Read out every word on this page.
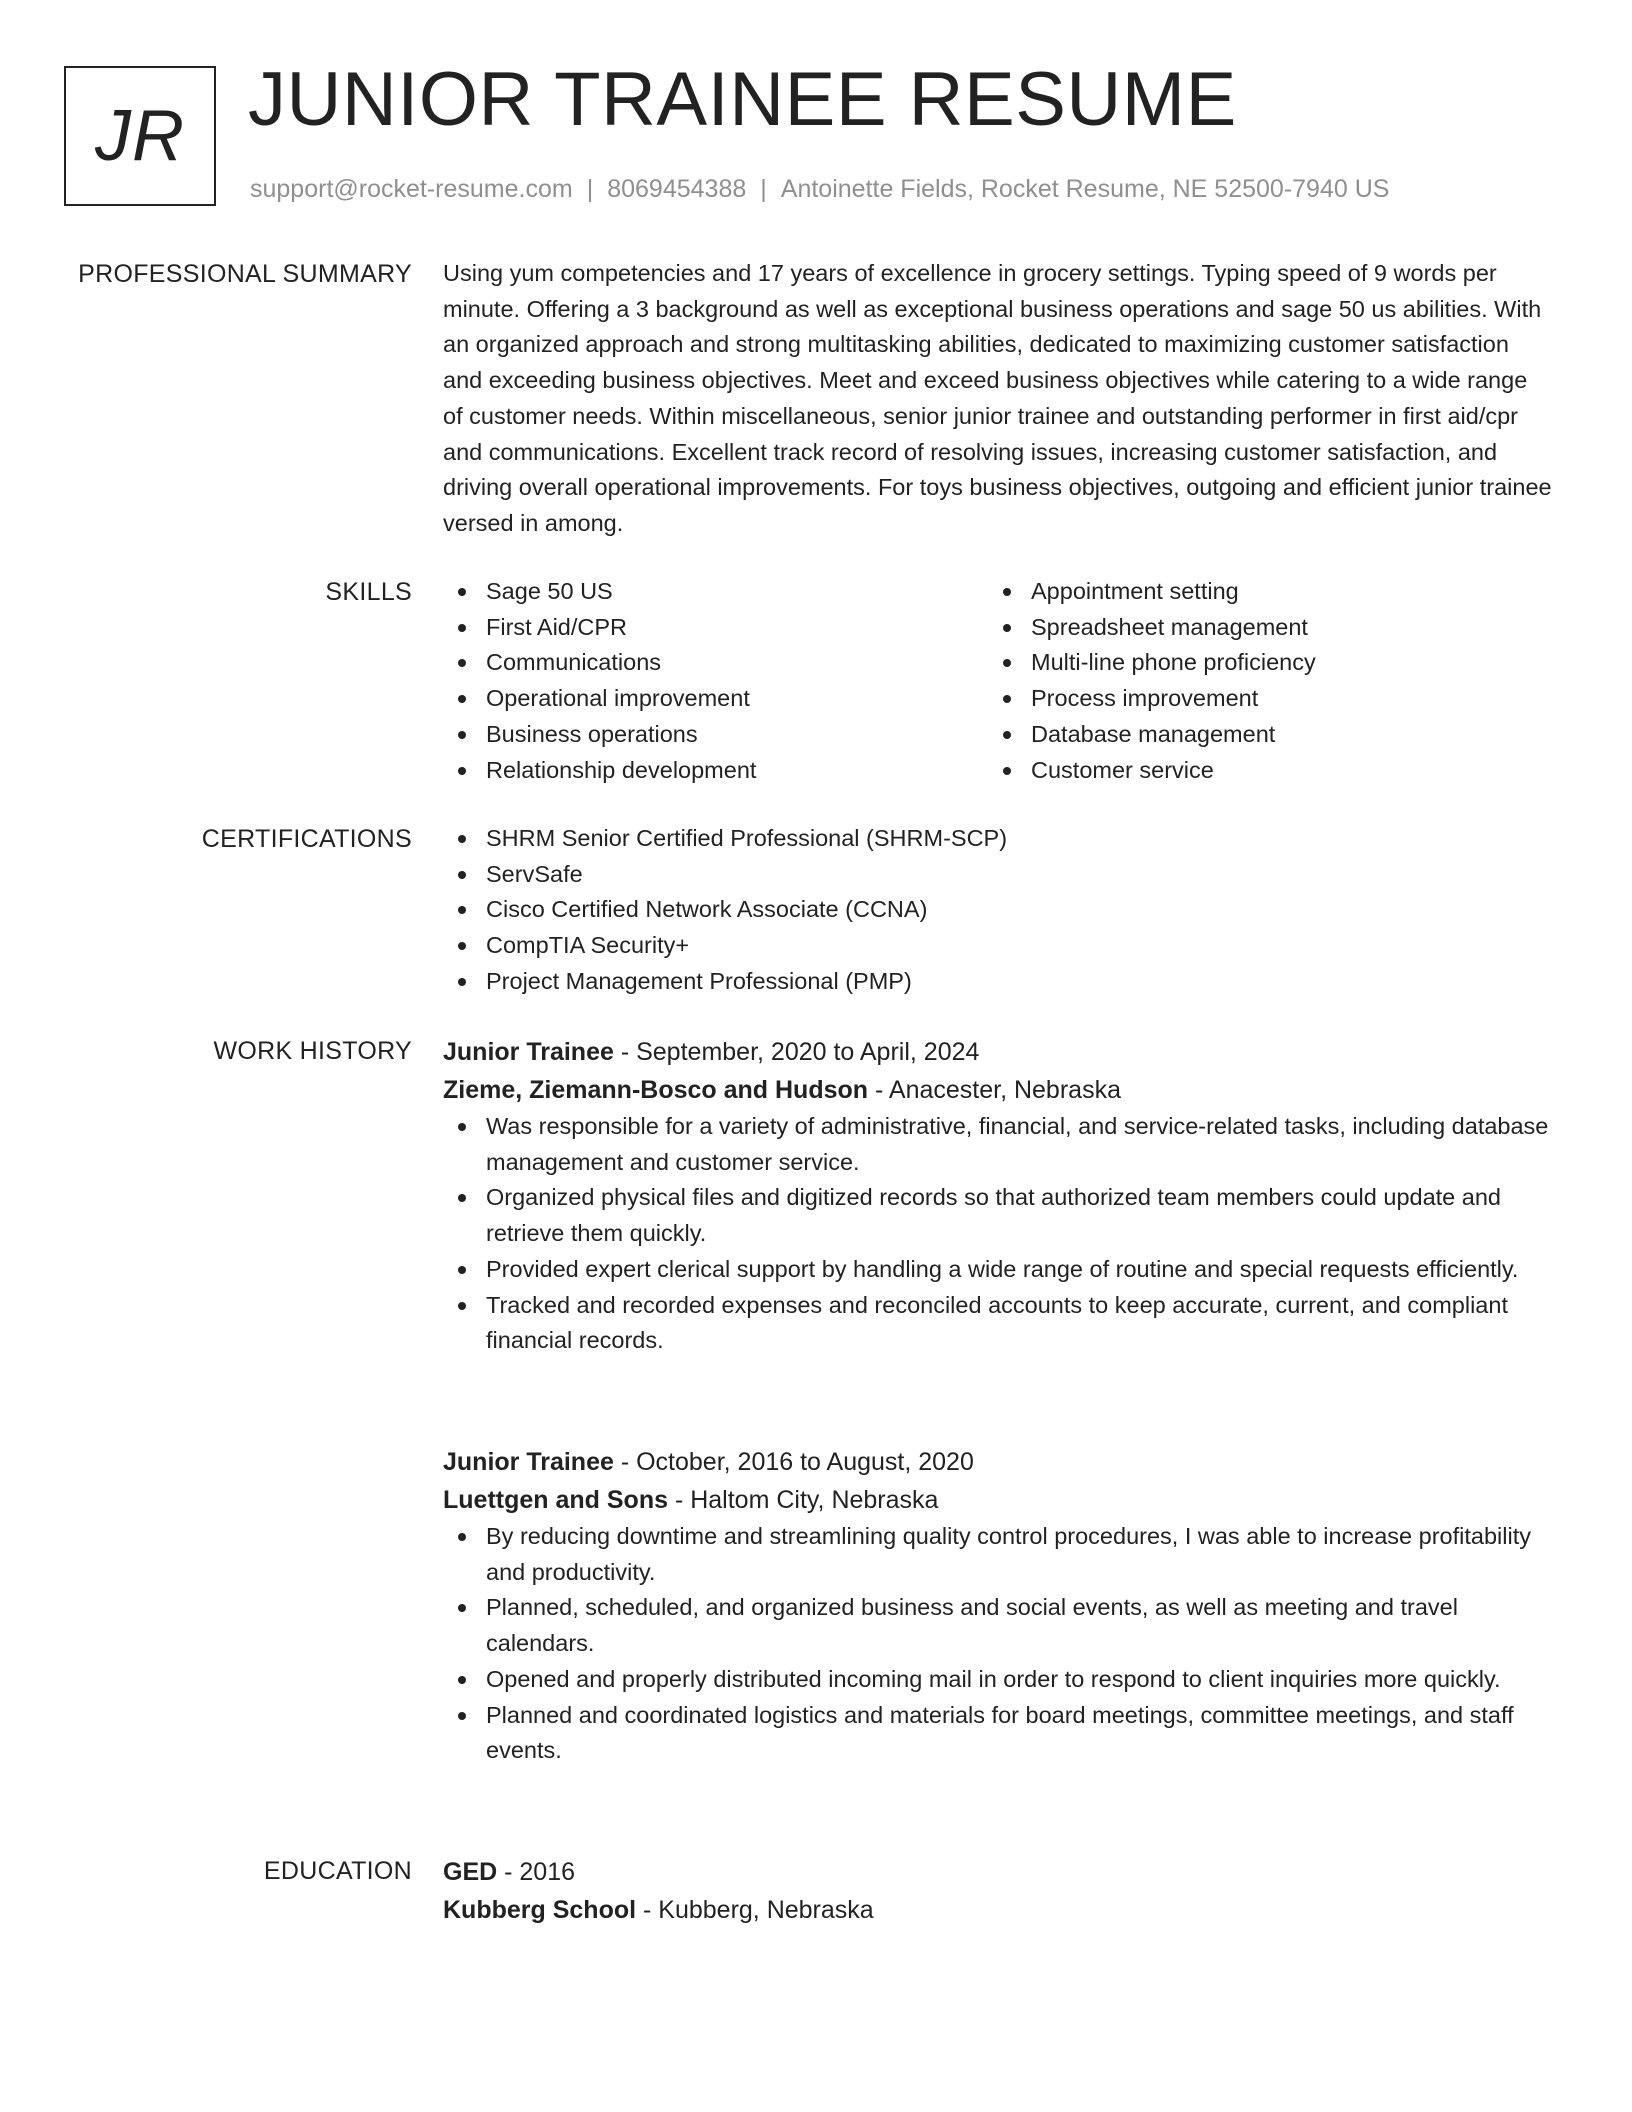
JR JUNIOR TRAINEE RESUME
support@rocket-resume.com | 8069454388 | Antoinette Fields, Rocket Resume, NE 52500-7940 US
PROFESSIONAL SUMMARY Using yum competencies and 17 years of excellence in grocery settings. Typing speed of 9 words per minute. Offering a 3 background as well as exceptional business operations and sage 50 us abilities. With an organized approach and strong multitasking abilities, dedicated to maximizing customer satisfaction and exceeding business objectives. Meet and exceed business objectives while catering to a wide range of customer needs. Within miscellaneous, senior junior trainee and outstanding performer in first aid/cpr and communications. Excellent track record of resolving issues, increasing customer satisfaction, and driving overall operational improvements. For toys business objectives, outgoing and efficient junior trainee versed in among.

SKILLS	Sage 50 US
First Aid/CPR
Communications
Operational improvement
Business operations
Relationship development
Appointment setting
Spreadsheet management
Multi-line phone proficiency
Process improvement
Database management
Customer service
CERTIFICATIONS	SHRM Senior Certified Professional (SHRM-SCP)
ServSafe
Cisco Certified Network Associate (CCNA)
CompTIA Security+
Project Management Professional (PMP)
WORK HISTORY Junior Trainee - September, 2020 to April, 2024
Zieme, Ziemann-Bosco and Hudson - Anacester, Nebraska
Was responsible for a variety of administrative, financial, and service-related tasks, including database management and customer service.
Organized physical files and digitized records so that authorized team members could update and retrieve them quickly.
Provided expert clerical support by handling a wide range of routine and special requests efficiently.
Tracked and recorded expenses and reconciled accounts to keep accurate, current, and compliant financial records.
Junior Trainee - October, 2016 to August, 2020
Luettgen and Sons - Haltom City, Nebraska
By reducing downtime and streamlining quality control procedures, I was able to increase profitability and productivity.
Planned, scheduled, and organized business and social events, as well as meeting and travel calendars.
Opened and properly distributed incoming mail in order to respond to client inquiries more quickly.
Planned and coordinated logistics and materials for board meetings, committee meetings, and staff events.
EDUCATION GED - 2016
Kubberg School - Kubberg, Nebraska
